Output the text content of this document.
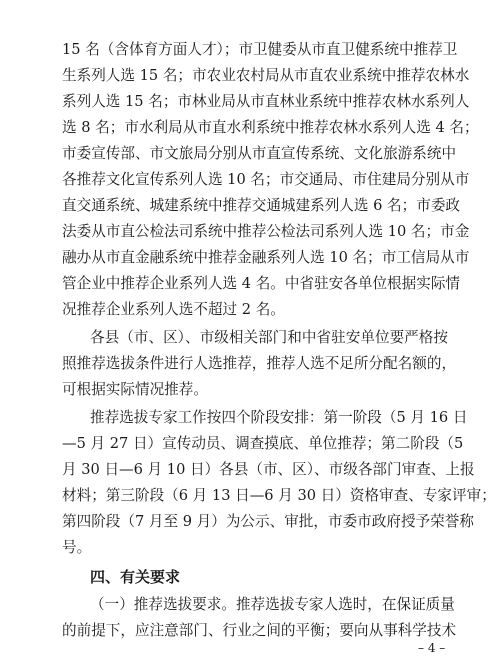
15 名（含体育方面人才）；市卫健委从市直卫健系统中推荐卫
生系列人选 15 名；市农业农村局从市直农业系统中推荐农林水
系列人选 15 名；市林业局从市直林业系统中推荐农林水系列人
选 8 名；市水利局从市直水利系统中推荐农林水系列人选 4 名；
市委宣传部、市文旅局分别从市直宣传系统、文化旅游系统中
各推荐文化宣传系列人选 10 名；市交通局、市住建局分别从市
直交通系统、城建系统中推荐交通城建系列人选 6 名；市委政
法委从市直公检法司系统中推荐公检法司系列人选 10 名；市金
融办从市直金融系统中推荐金融系列人选 10 名；市工信局从市
管企业中推荐企业系列人选 4 名。中省驻安各单位根据实际情
况推荐企业系列人选不超过 2 名。
各县（市、区）、市级相关部门和中省驻安单位要严格按
照推荐选拔条件进行人选推荐，推荐人选不足所分配名额的，
可根据实际情况推荐。
推荐选拔专家工作按四个阶段安排：第一阶段（5 月 16 日
—5 月 27 日）宣传动员、调查摸底、单位推荐；第二阶段（5
月 30 日—6 月 10 日）各县（市、区）、市级各部门审查、上报
材料；第三阶段（6 月 13 日—6 月 30 日）资格审查、专家评审；
第四阶段（7 月至 9 月）为公示、审批，市委市政府授予荣誉称
号。
四、有关要求
（一）推荐选拔要求。推荐选拔专家人选时，在保证质量
的前提下，应注意部门、行业之间的平衡；要向从事科学技术
– 4 –
